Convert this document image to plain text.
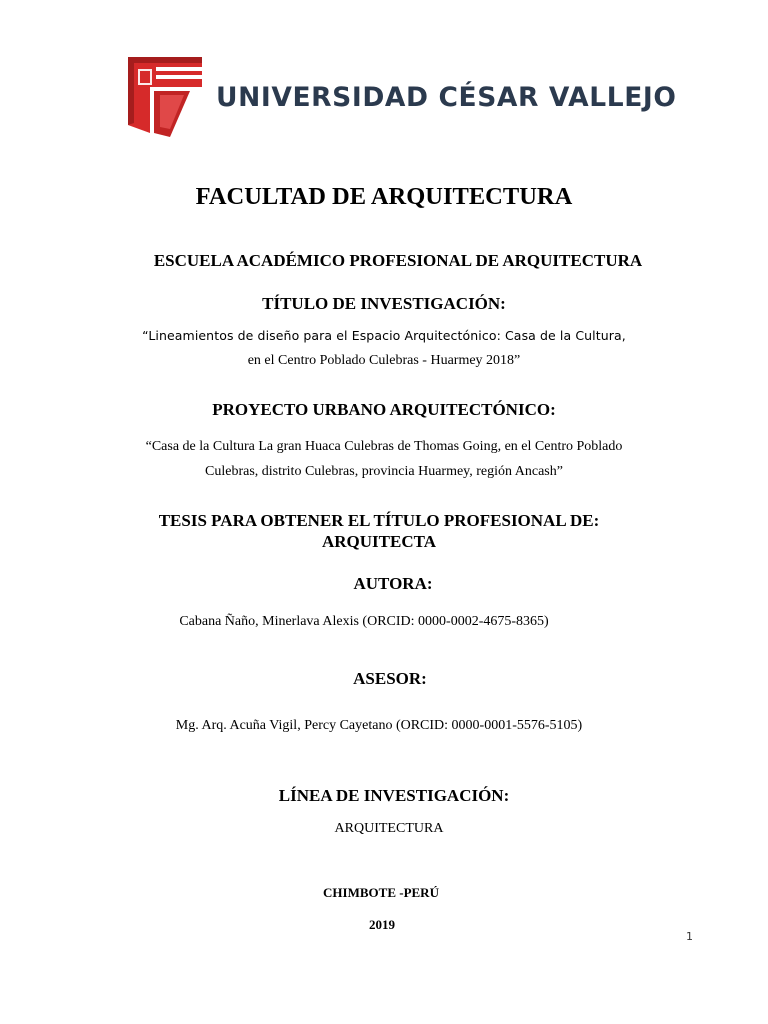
UNIVERSIDAD CÉSAR VALLEJO
FACULTAD DE ARQUITECTURA
ESCUELA ACADÉMICO PROFESIONAL DE ARQUITECTURA
TÍTULO DE INVESTIGACIÓN:
“Lineamientos de diseño para el Espacio Arquitectónico: Casa de la Cultura,
en el Centro Poblado Culebras - Huarmey 2018”
PROYECTO URBANO ARQUITECTÓNICO:
“Casa de la Cultura La gran Huaca Culebras de Thomas Going, en el Centro Poblado
Culebras, distrito Culebras, provincia Huarmey, región Ancash”
TESIS PARA OBTENER EL TÍTULO PROFESIONAL DE:
ARQUITECTA
AUTORA:
Cabana Ñaño, Minerlava Alexis (ORCID: 0000-0002-4675-8365)
ASESOR:
Mg. Arq. Acuña Vigil, Percy Cayetano (ORCID: 0000-0001-5576-5105)
LÍNEA DE INVESTIGACIÓN:
ARQUITECTURA
CHIMBOTE -PERÚ
2019
1
